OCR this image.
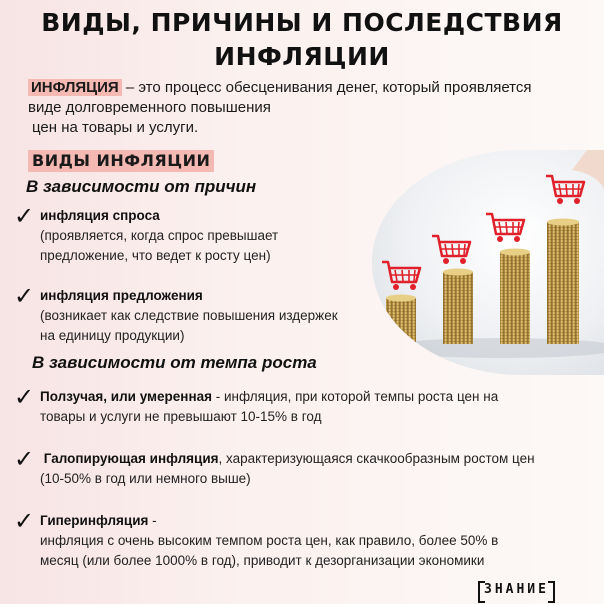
ВИДЫ, ПРИЧИНЫ И ПОСЛЕДСТВИЯ
ИНФЛЯЦИИ
ИНФЛЯЦИЯ – это процесс обесценивания денег, который проявляется
виде долговременного повышения
цен на товары и услуги.
ВИДЫ ИНФЛЯЦИИ
В зависимости от причин
✓ инфляция спроса
(проявляется, когда спрос превышает
предложение, что ведет к росту цен)
✓ инфляция предложения
(возникает как следствие повышения издержек
на единицу продукции)
В зависимости от темпа роста
✓ Ползучая, или умеренная - инфляция, при которой темпы роста цен на
товары и услуги не превышают 10-15% в год
✓ Галопирующая инфляция, характеризующаяся скачкообразным ростом цен
(10-50% в год или немного выше)
✓ Гиперинфляция -
инфляция с очень высоким темпом роста цен, как правило, более 50% в
месяц (или более 1000% в год), приводит к дезорганизации экономики
ЗНАНИЕ
